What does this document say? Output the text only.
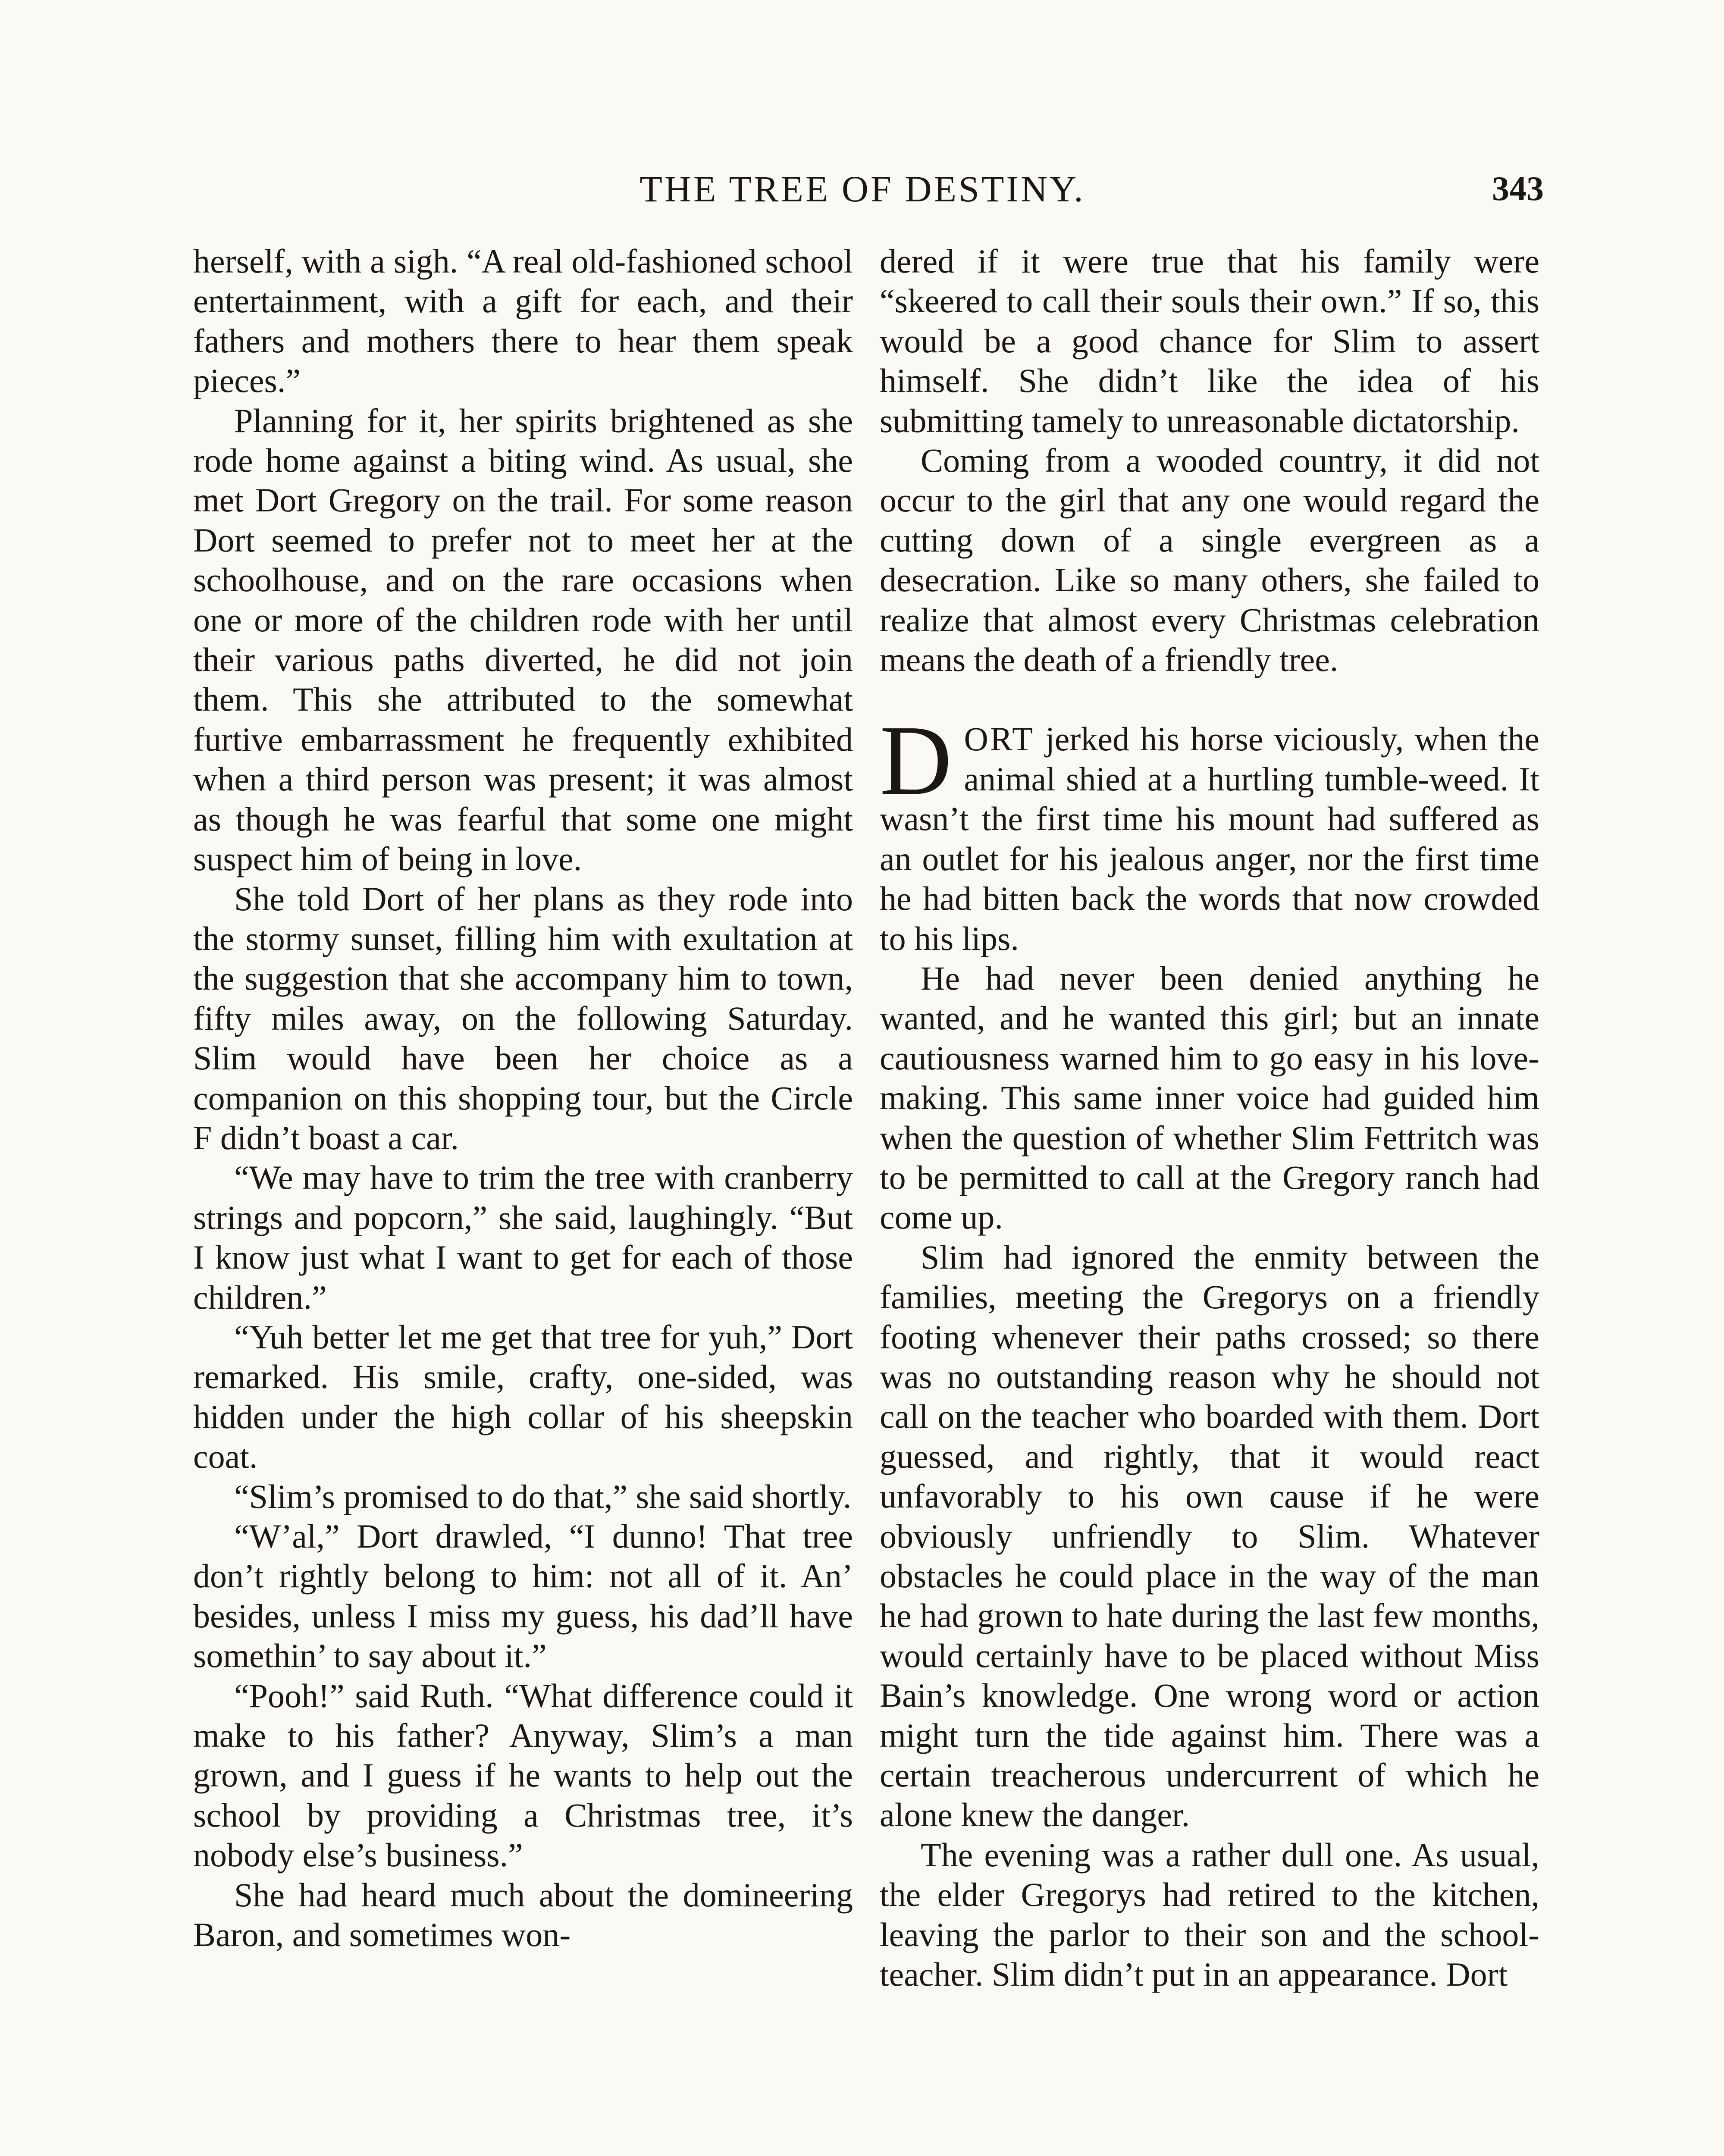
THE TREE OF DESTINY.	343

herself, with a sigh. “A real old-fashioned school entertainment, with a gift for each, and their fathers and mothers there to hear them speak pieces.”

Planning for it, her spirits brightened as she rode home against a biting wind. As usual, she met Dort Gregory on the trail. For some reason Dort seemed to prefer not to meet her at the schoolhouse, and on the rare occasions when one or more of the children rode with her until their various paths diverted, he did not join them. This she attributed to the somewhat furtive embarrassment he frequently exhibited when a third person was present; it was almost as though he was fearful that some one might suspect him of being in love.

She told Dort of her plans as they rode into the stormy sunset, filling him with exultation at the suggestion that she accompany him to town, fifty miles away, on the following Saturday. Slim would have been her choice as a companion on this shopping tour, but the Circle F didn’t boast a car.

“We may have to trim the tree with cranberry strings and popcorn,” she said, laughingly. “But I know just what I want to get for each of those children.”

“Yuh better let me get that tree for yuh,” Dort remarked. His smile, crafty, one-sided, was hidden under the high collar of his sheepskin coat.

“Slim’s promised to do that,” she said shortly.

“W’al,” Dort drawled, “I dunno! That tree don’t rightly belong to him: not all of it. An’ besides, unless I miss my guess, his dad’ll have somethin’ to say about it.”

“Pooh!” said Ruth. “What difference could it make to his father? Anyway, Slim’s a man grown, and I guess if he wants to help out the school by providing a Christmas tree, it’s nobody else’s business.”

She had heard much about the domineering Baron, and sometimes won-

dered if it were true that his family were “skeered to call their souls their own.” If so, this would be a good chance for Slim to assert himself. She didn’t like the idea of his submitting tamely to unreasonable dictatorship.

Coming from a wooded country, it did not occur to the girl that any one would regard the cutting down of a single evergreen as a desecration. Like so many others, she failed to realize that almost every Christmas celebration means the death of a friendly tree.

DORT jerked his horse viciously, when the animal shied at a hurtling tumble-weed. It wasn’t the first time his mount had suffered as an outlet for his jealous anger, nor the first time he had bitten back the words that now crowded to his lips.

He had never been denied anything he wanted, and he wanted this girl; but an innate cautiousness warned him to go easy in his love-making. This same inner voice had guided him when the question of whether Slim Fettritch was to be permitted to call at the Gregory ranch had come up.

Slim had ignored the enmity between the families, meeting the Gregorys on a friendly footing whenever their paths crossed; so there was no outstanding reason why he should not call on the teacher who boarded with them. Dort guessed, and rightly, that it would react unfavorably to his own cause if he were obviously unfriendly to Slim. Whatever obstacles he could place in the way of the man he had grown to hate during the last few months, would certainly have to be placed without Miss Bain’s knowledge. One wrong word or action might turn the tide against him. There was a certain treacherous undercurrent of which he alone knew the danger.

The evening was a rather dull one. As usual, the elder Gregorys had retired to the kitchen, leaving the parlor to their son and the school-teacher. Slim didn’t put in an appearance. Dort
